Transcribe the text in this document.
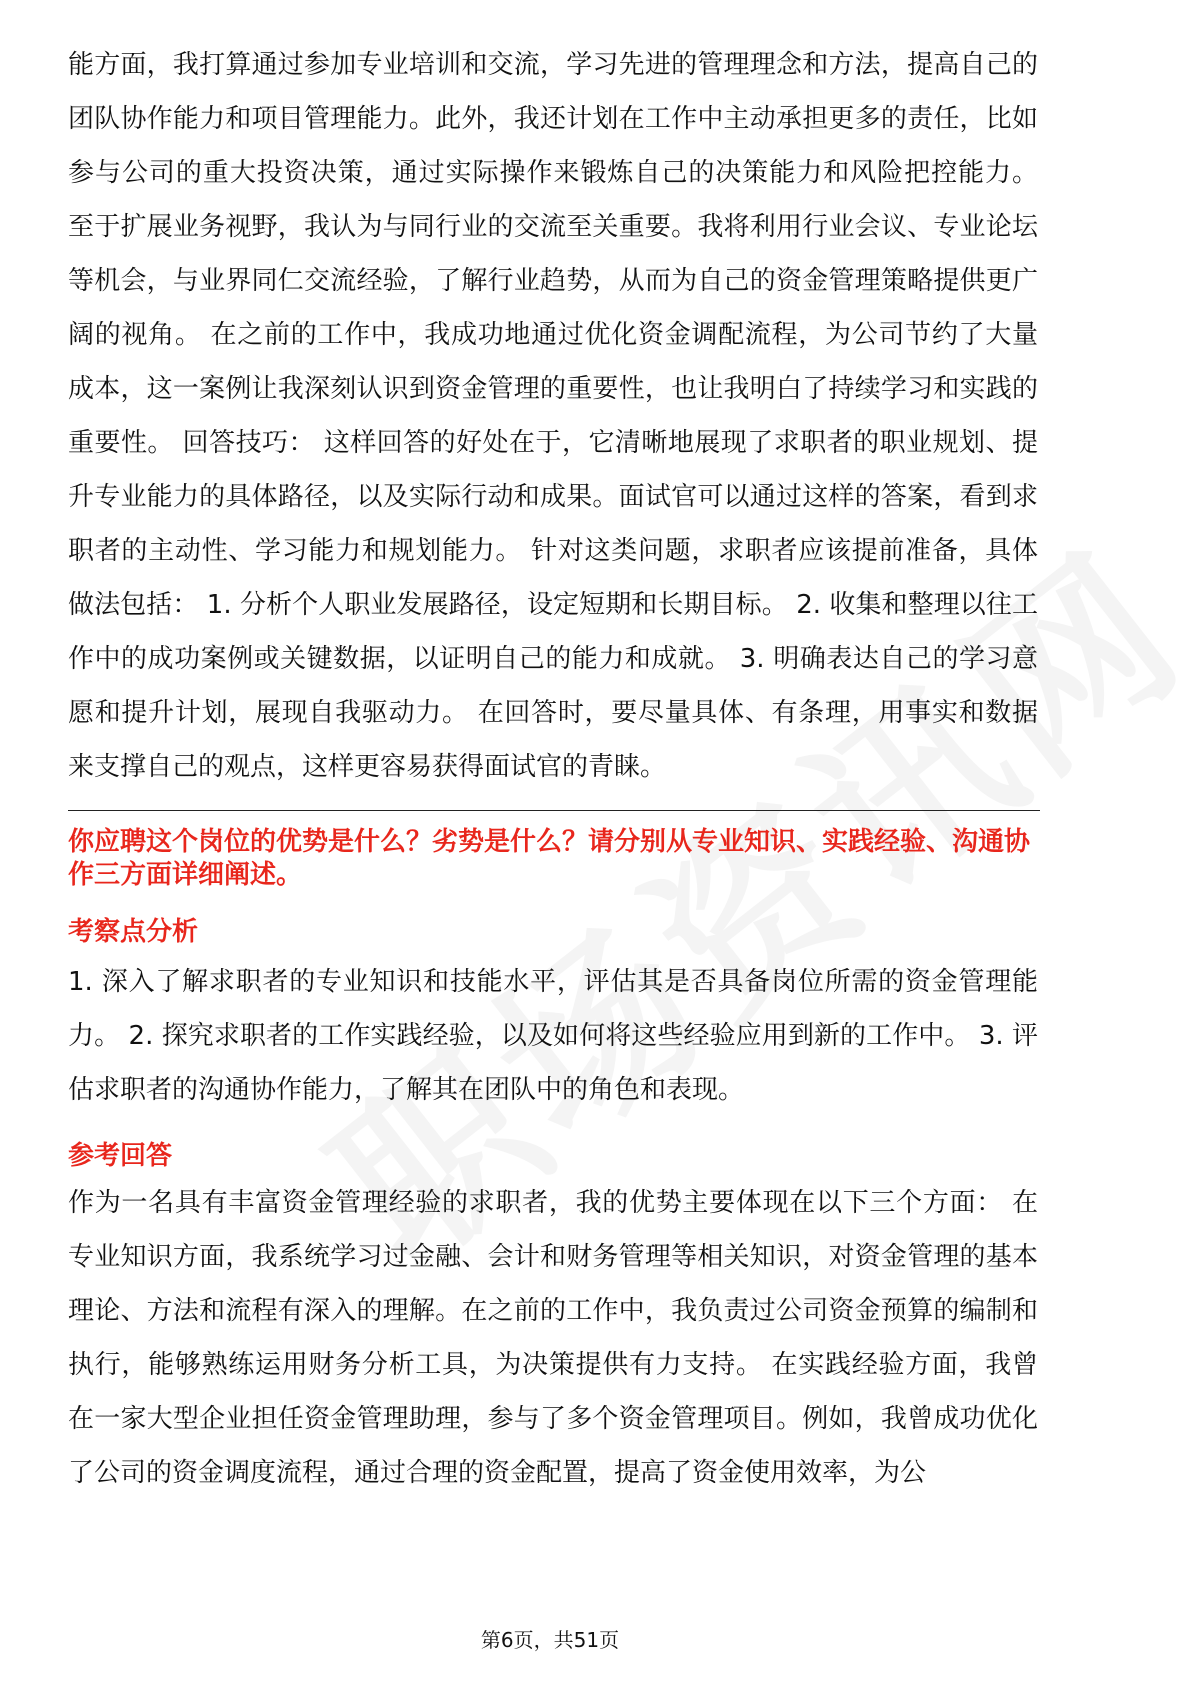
能方面，我打算通过参加专业培训和交流，学习先进的管理理念和方法，提高自己的团队协作能力和项目管理能力。此外，我还计划在工作中主动承担更多的责任，比如参与公司的重大投资决策，通过实际操作来锻炼自己的决策能力和风险把控能力。 至于扩展业务视野，我认为与同行业的交流至关重要。我将利用行业会议、专业论坛等机会，与业界同仁交流经验，了解行业趋势，从而为自己的资金管理策略提供更广阔的视角。 在之前的工作中，我成功地通过优化资金调配流程，为公司节约了大量成本，这一案例让我深刻认识到资金管理的重要性，也让我明白了持续学习和实践的重要性。 回答技巧： 这样回答的好处在于，它清晰地展现了求职者的职业规划、提升专业能力的具体路径，以及实际行动和成果。面试官可以通过这样的答案，看到求职者的主动性、学习能力和规划能力。 针对这类问题，求职者应该提前准备，具体做法包括： 1. 分析个人职业发展路径，设定短期和长期目标。 2. 收集和整理以往工作中的成功案例或关键数据，以证明自己的能力和成就。 3. 明确表达自己的学习意愿和提升计划，展现自我驱动力。 在回答时，要尽量具体、有条理，用事实和数据来支撑自己的观点，这样更容易获得面试官的青睐。

你应聘这个岗位的优势是什么？劣势是什么？请分别从专业知识、实践经验、沟通协作三方面详细阐述。

考察点分析

1. 深入了解求职者的专业知识和技能水平，评估其是否具备岗位所需的资金管理能力。 2. 探究求职者的工作实践经验，以及如何将这些经验应用到新的工作中。 3. 评估求职者的沟通协作能力，了解其在团队中的角色和表现。

参考回答

作为一名具有丰富资金管理经验的求职者，我的优势主要体现在以下三个方面： 在专业知识方面，我系统学习过金融、会计和财务管理等相关知识，对资金管理的基本理论、方法和流程有深入的理解。在之前的工作中，我负责过公司资金预算的编制和执行，能够熟练运用财务分析工具，为决策提供有力支持。 在实践经验方面，我曾在一家大型企业担任资金管理助理，参与了多个资金管理项目。例如，我曾成功优化了公司的资金调度流程，通过合理的资金配置，提高了资金使用效率，为公

第6页，共51页
